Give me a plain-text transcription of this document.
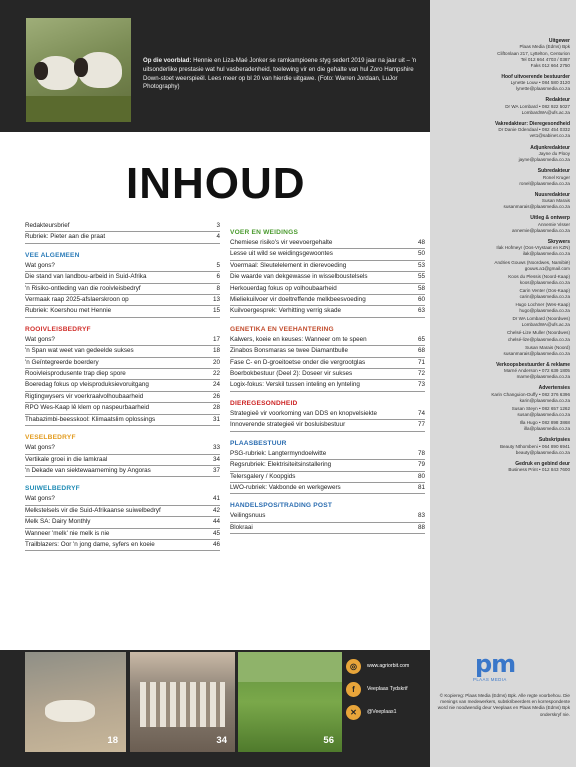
Op die voorblad: Hennie en Liza-Maé Jonker se ramkampioene styg sedert 2019 jaar na jaar uit – 'n uitsonderlike prestasie wat hul vasberadenheid, toelewing vir en die gehalte van hul Zoro Hampshire Down-stoet weerspieël. Lees meer op bl 20 van hierdie uitgawe. (Foto: Warren Jordaan, LuJor Photography)
INHOUD
Redakteursbrief	3
Rubriek: Pieter aan die praat	4
VEE ALGEMEEN
Wat gons?	5
Die stand van landbou-arbeid in Suid-Afrika	6
'n Risiko-ontleding van die rooivleisbedryf	8
Vermaak raap 2025-afslaerskroon op	13
Rubriek: Koershou met Hennie	15
ROOIVLEISBEDRYF
Wat gons?	17
'n Span wat weet van gedeelde sukses	18
'n Geïntegreerde boerdery	20
Rooivleisprodusente trap diep spore	22
Boeredag fokus op vleisproduksievoruitgang	24
Rigtingwysers vir voerkraalvolhoubaarheid	26
RPO Wes-Kaap lê klem op naspeurbaarheid	28
Thabazimbi-beesskool: Klimaatslim oplossings	31
VESELBEDRYF
Wat gons?	33
Vertikale groei in die lamkraal	34
'n Dekade van siektewaarneming by Angoras	37
SUIWELBEDRYF
Wat gons?	41
Melkstelsels vir die Suid-Afrikaanse suiwelbedryf	42
Melk SA: Dairy Monthly	44
Wanneer 'melk' nie melk is nie	45
Trailblazers: Oor 'n jong dame, syfers en koeie	46
VOER EN WEIDINGS
Chemiese risiko's vir veevoergehalte	48
Lesse uit wild se weidingsgewoontes	50
Voermaal: Sleutelelement in dierevoeding	53
Die waarde van dekgewasse in wisselboustelsels	55
Herkouerdag fokus op volhoubaarheid	58
Mieliekuilvoer vir doeltreffende melkbeesvoeding	60
Kuilvoergesprek: Verhitting verrig skade	63
GENETIKA EN VEEHANTERING
Kalwers, koeie en keuses: Wanneer om te speen	65
Zinabos Bonsmaras se twee Diamantbulle	68
Fase C- en D-groeitoetse onder die vergrootglas	71
Boerbokbestuur (Deel 2): Doseer vir sukses	72
Logix-fokus: Verskil tussen inteling en lynteling	73
DIEREGESONDHEID
Strategieë vir voorkoming van DDS en knopvelsiekte	74
Innoverende strategieë vir bosluisbestuur	77
PLAASBESTUUR
PSG-rubriek: Langtermyndoelwitte	78
Regsrubriek: Elektrisiteitsinstallering	79
Telersgalery / Koopgids	80
LWO-rubriek: Vakbonde en werkgewers	81
HANDELSPOS/TRADING POST
Veilingsnuus	83
Blokraai	88
Uitgewer
Plaas Media (Edms) Bpk
Cliftonlaan 217, Lyttelton, Centurion
Tel 012 664 4703 / 0387
Faks 012 664 2750
Hoof uitvoerende bestuurder
Lynette Louw • 084 580 3120
lynette@plaasmedia.co.za
Redakteur
Dr WA Lombard • 082 922 5027
LombardWA@ufs.ac.za
Vakredakteur: Dieregesondheid
Dr Danie Odendaal • 082 454 0332
vet1@sabinet.co.za
Adjunkredakteur
Jayne du Plooy
jayne@plaasmedia.co.za
Subredakteur
Ronel Kruger
ronel@plaasmedia.co.za
Nuusredakteur
Susan Marais
susanmarais@plaasmedia.co.za
Uitleg & ontwerp
Annemie Visser
annemie@plaasmedia.co.za
Skrywers
Ilak Hofmeyr (Oos-Vrystaat en KZN)
ilak@plaasmedia.co.za
Andries Gouws (Noordwes, Namibië)
gouws.a1@gmail.com
Koos du Plessis (Noord-Kaap)
koos@plaasmedia.co.za
Carin Venter (Oos-Kaap)
carin@plaasmedia.co.za
Hugo Lochner (Wes-Kaap)
hugo@plaasmedia.co.za
Dr WA Lombard (Noordwes)
LombardWA@ufs.ac.za
Chelsé-Lize Muller (Noordwes)
chelsé-lize@plaasmedia.co.za
Susan Marais (Noord)
susanmarais@plaasmedia.co.za
Verkoopsbestuurder & reklame
Marné Anderson • 072 639 1805
marne@plaasmedia.co.za
Advertensies
Karin Changuion-Duffy • 082 376 6396
karin@plaasmedia.co.za
Susan Steyn • 082 657 1262
susan@plaasmedia.co.za
Illa Hugo • 082 898 3868
illa@plaasmedia.co.za
Subskripsies
Beauty Nthombeni • 064 890 6941
beauty@plaasmedia.co.za
Gedruk en gebind deur
Business Print • 012 843 7600
pm
PLAAS MEDIA
© Kopiereg: Plaas Media (Edms) Bpk. Alle regte voorbehou. Die menings van medewerkers, subskribeerders en korrespondente word nie noodwendig deur Veeplaas en Plaas Media (Edms) Bpk onderskryf nie.
18	34	56
◎	www.agriorbit.com
f	Veeplaas Tydskrif
✕	@Veeplaas1
